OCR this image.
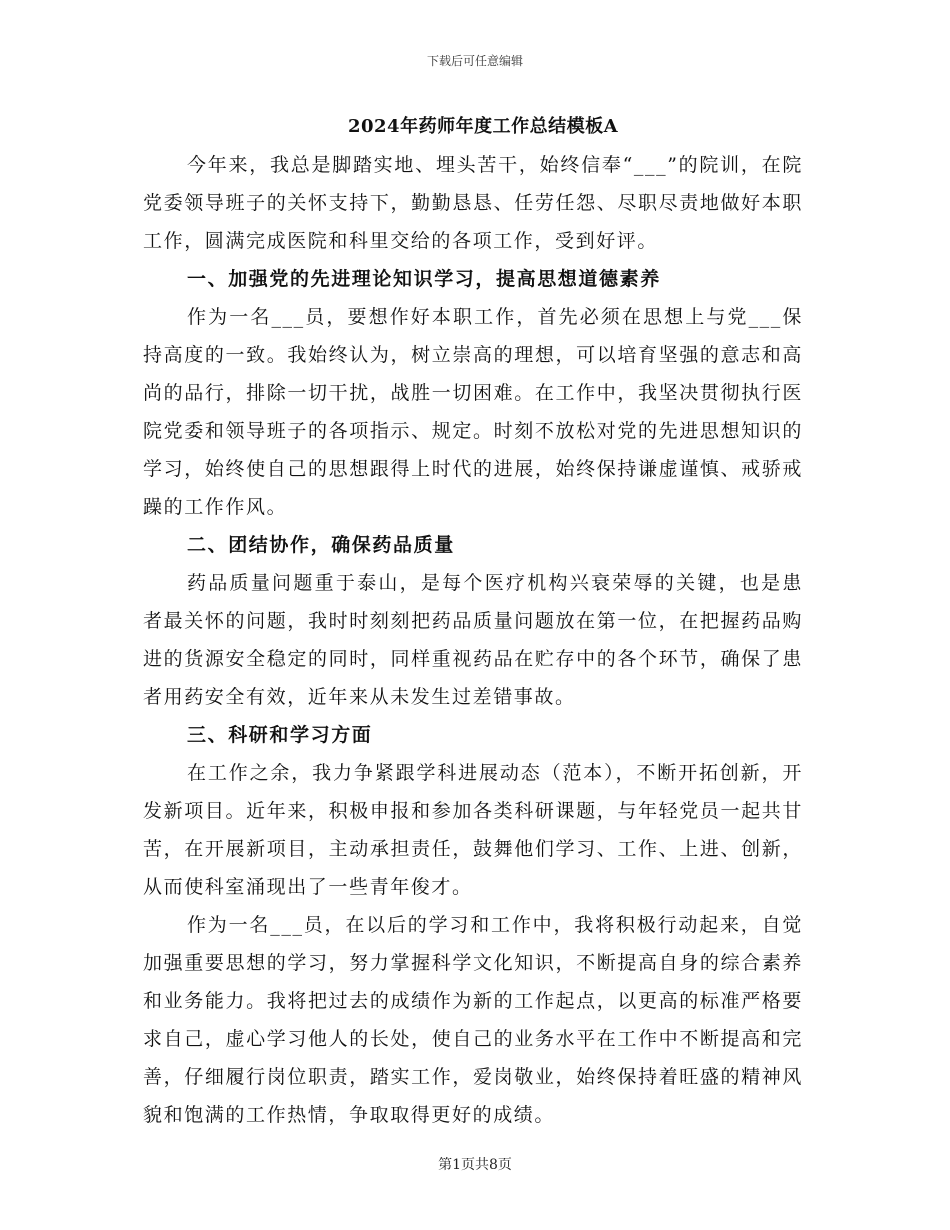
下载后可任意编辑
2024年药师年度工作总结模板A

今年来，我总是脚踏实地、埋头苦干，始终信奉“___”的院训，在院党委领导班子的关怀支持下，勤勤恳恳、任劳任怨、尽职尽责地做好本职工作，圆满完成医院和科里交给的各项工作，受到好评。

一、加强党的先进理论知识学习，提高思想道德素养

作为一名___员，要想作好本职工作，首先必须在思想上与党___保持高度的一致。我始终认为，树立崇高的理想，可以培育坚强的意志和高尚的品行，排除一切干扰，战胜一切困难。在工作中，我坚决贯彻执行医院党委和领导班子的各项指示、规定。时刻不放松对党的先进思想知识的学习，始终使自己的思想跟得上时代的进展，始终保持谦虚谨慎、戒骄戒躁的工作作风。

二、团结协作，确保药品质量

药品质量问题重于泰山，是每个医疗机构兴衰荣辱的关键，也是患者最关怀的问题，我时时刻刻把药品质量问题放在第一位，在把握药品购进的货源安全稳定的同时，同样重视药品在贮存中的各个环节，确保了患者用药安全有效，近年来从未发生过差错事故。

三、科研和学习方面

在工作之余，我力争紧跟学科进展动态（范本），不断开拓创新，开发新项目。近年来，积极申报和参加各类科研课题，与年轻党员一起共甘苦，在开展新项目，主动承担责任，鼓舞他们学习、工作、上进、创新，从而使科室涌现出了一些青年俊才。

作为一名___员，在以后的学习和工作中，我将积极行动起来，自觉加强重要思想的学习，努力掌握科学文化知识，不断提高自身的综合素养和业务能力。我将把过去的成绩作为新的工作起点，以更高的标准严格要求自己，虚心学习他人的长处，使自己的业务水平在工作中不断提高和完善，仔细履行岗位职责，踏实工作，爱岗敬业，始终保持着旺盛的精神风貌和饱满的工作热情，争取取得更好的成绩。

第1页共8页
